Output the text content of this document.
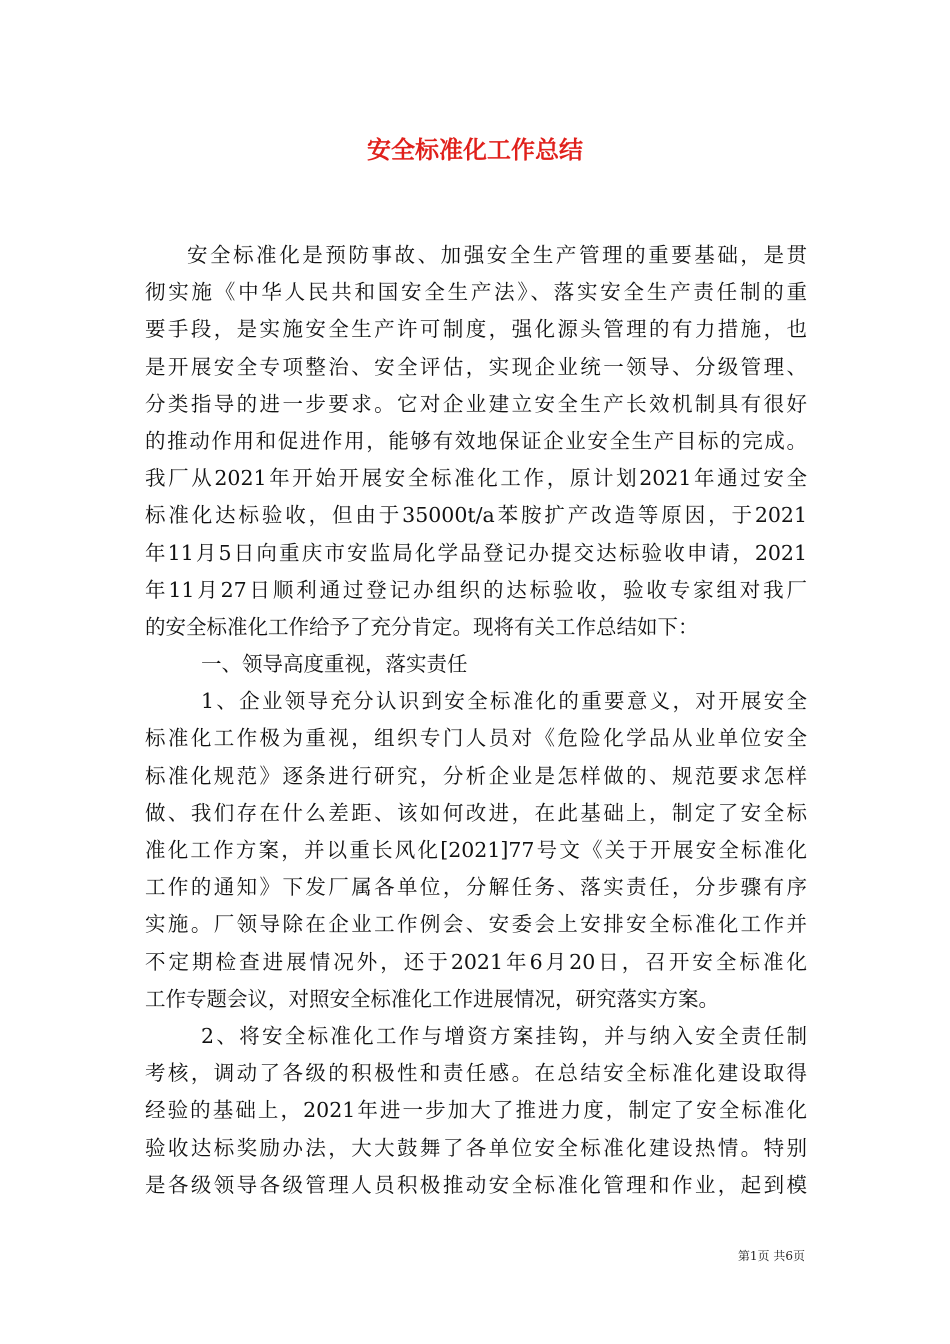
安全标准化工作总结
安全标准化是预防事故、加强安全生产管理的重要基础，是贯
彻实施《中华人民共和国安全生产法》、落实安全生产责任制的重
要手段，是实施安全生产许可制度，强化源头管理的有力措施，也
是开展安全专项整治、安全评估，实现企业统一领导、分级管理、
分类指导的进一步要求。它对企业建立安全生产长效机制具有很好
的推动作用和促进作用，能够有效地保证企业安全生产目标的完成。
我厂从2021年开始开展安全标准化工作，原计划2021年通过安全
标准化达标验收，但由于35000t/a苯胺扩产改造等原因，于2021
年11月5日向重庆市安监局化学品登记办提交达标验收申请，2021
年11月27日顺利通过登记办组织的达标验收，验收专家组对我厂
的安全标准化工作给予了充分肯定。现将有关工作总结如下：
一、领导高度重视，落实责任
1、企业领导充分认识到安全标准化的重要意义，对开展安全
标准化工作极为重视，组织专门人员对《危险化学品从业单位安全
标准化规范》逐条进行研究，分析企业是怎样做的、规范要求怎样
做、我们存在什么差距、该如何改进，在此基础上，制定了安全标
准化工作方案，并以重长风化[2021]77号文《关于开展安全标准化
工作的通知》下发厂属各单位，分解任务、落实责任，分步骤有序
实施。厂领导除在企业工作例会、安委会上安排安全标准化工作并
不定期检查进展情况外，还于2021年6月20日，召开安全标准化
工作专题会议，对照安全标准化工作进展情况，研究落实方案。
2、将安全标准化工作与增资方案挂钩，并与纳入安全责任制
考核，调动了各级的积极性和责任感。在总结安全标准化建设取得
经验的基础上，2021年进一步加大了推进力度，制定了安全标准化
验收达标奖励办法，大大鼓舞了各单位安全标准化建设热情。特别
是各级领导各级管理人员积极推动安全标准化管理和作业，起到模
第1页 共6页
